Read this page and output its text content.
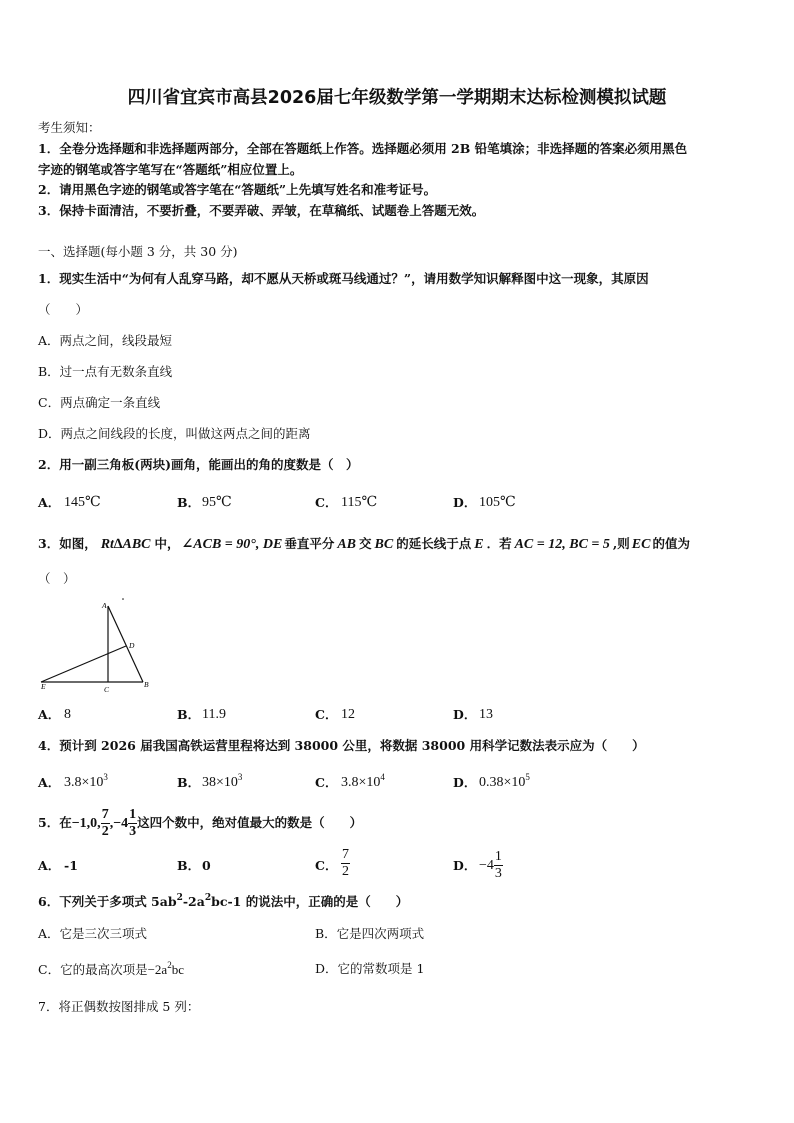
四川省宜宾市高县2026届七年级数学第一学期期末达标检测模拟试题
考生须知：
1．全卷分选择题和非选择题两部分，全部在答题纸上作答。选择题必须用 2B 铅笔填涂；非选择题的答案必须用黑色
字迹的钢笔或答字笔写在“答题纸”相应位置上。
2．请用黑色字迹的钢笔或答字笔在“答题纸”上先填写姓名和准考证号。
3．保持卡面清洁，不要折叠，不要弄破、弄皱，在草稿纸、试题卷上答题无效。
一、选择题(每小题 3 分，共 30 分)
1．现实生活中“为何有人乱穿马路，却不愿从天桥或斑马线通过？”，请用数学知识解释图中这一现象，其原因
（　　）
A．两点之间，线段最短
B．过一点有无数条直线
C．两点确定一条直线
D．两点之间线段的长度，叫做这两点之间的距离
2．用一副三角板(两块)画角，能画出的角的度数是（　）
A． 145℃	B． 95℃	C． 115℃	D． 105℃
3．如图， Rt∆ABC 中， ∠ACB = 90°, DE 垂直平分 AB 交 BC 的延长线于点 E ．若 AC = 12, BC = 5 ,则 EC 的值为
（　）
A
D
E	C
B
A． 8	B． 11.9	C． 12	D． 13
4．预计到 2026 届我国高铁运营里程将达到 38000 公里，将数据 38000 用科学记数法表示应为（　　）
A． $3.8\times 10^3$	B． $38\times 10^3$	C． $3.8\times 10^4$	D． $0.38\times 10^5$
5．在−1,0, $\frac{7}{2} ,-4 \frac{1}{3}$ 这四个数中，绝对值最大的数是（　　）
A． -1	B． 0	C． $\frac{7}{2}$	D． $-4 \frac{1}{3}$
6．下列关于多项式 $5ab^2-2a^2bc-1$ 的说法中，正确的是（　　）
A．它是三次三项式	B．它是四次两项式
C．它的最高次项是$-2a^2bc$	D．它的常数项是 1
7．将正偶数按图排成 5 列：
